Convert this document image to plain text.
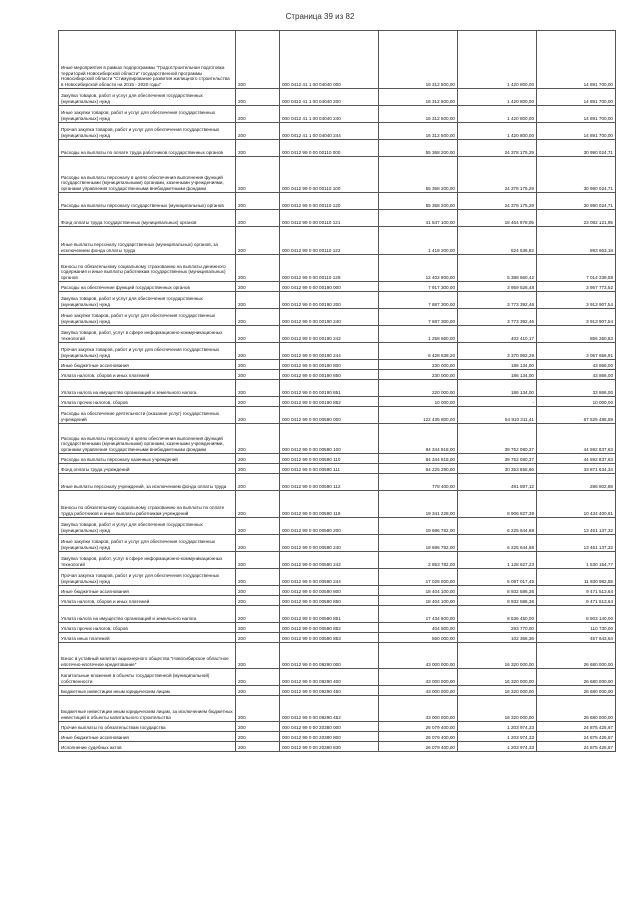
Страница 39 из 82
Иные мероприятия в рамках подпрограммы "Градостроительная подготовка территорий Новосибирской области" государственной программы Новосибирской области "Стимулирование развития жилищного строительства в Новосибирской области на 2015 - 2020 годы"	200	000 0412 41 1 00 04040 000	16 312 500,00	1 420 800,00	14 891 700,00
Закупка товаров, работ и услуг для обеспечения государственных (муниципальных) нужд	200	000 0412 41 1 00 04040 200	16 312 500,00	1 420 800,00	14 891 700,00
Иные закупки товаров, работ и услуг для обеспечения государственных (муниципальных) нужд	200	000 0412 41 1 00 04040 240	16 312 500,00	1 420 800,00	14 891 700,00
Прочая закупка товаров, работ и услуг для обеспечения государственных (муниципальных) нужд	200	000 0412 41 1 00 04040 244	16 312 500,00	1 420 800,00	14 891 700,00
Расходы на выплаты по оплате труда работников государственных органов	200	000 0412 99 0 00 00110 000	55 368 200,00	24 378 175,29	30 990 024,71
Расходы на выплаты персоналу в целях обеспечения выполнения функций государственными (муниципальными) органами, казенными учреждениями, органами управления государственными внебюджетными фондами	200	000 0412 99 0 00 00110 100	55 368 200,00	24 378 175,29	30 990 024,71
Расходы на выплаты персоналу государственных (муниципальных) органов	200	000 0412 99 0 00 00110 120	55 368 200,00	24 378 175,29	30 990 024,71
Фонд оплаты труда государственных (муниципальных) органов	200	000 0412 99 0 00 00110 121	41 547 100,00	18 464 978,05	23 082 121,95
Иные выплаты персоналу государственных (муниципальных) органов, за исключением фонда оплаты труда	200	000 0412 99 0 00 00110 122	1 418 200,00	524 536,82	893 663,18
Взносы по обязательному социальному страхованию на выплаты денежного содержания и иные выплаты работникам государственных (муниципальных) органов	200	000 0412 99 0 00 00110 129	12 402 900,00	5 388 660,42	7 014 239,58
Расходы на обеспечение функций государственных органов	200	000 0412 99 0 00 00190 000	7 917 300,00	3 959 526,48	3 957 773,52
Закупка товаров, работ и услуг для обеспечения государственных (муниципальных) нужд	200	000 0412 99 0 00 00190 200	7 687 300,00	3 773 392,46	3 913 907,54
Иные закупки товаров, работ и услуг для обеспечения государственных (муниципальных) нужд	200	000 0412 99 0 00 00190 240	7 687 300,00	3 773 392,46	3 913 907,54
Закупка товаров, работ, услуг в сфере информационно-коммуникационных технологий	200	000 0412 99 0 00 00190 242	1 258 660,00	402 410,17	856 250,83
Прочая закупка товаров, работ и услуг для обеспечения государственных (муниципальных) нужд	200	000 0412 99 0 00 00190 244	6 428 639,20	3 370 982,29	3 057 656,91
Иные бюджетные ассигнования	200	000 0412 99 0 00 00190 800	230 000,00	186 134,00	43 866,00
Уплата налогов, сборов и иных платежей	200	000 0412 99 0 00 00190 850	230 000,00	186 134,00	43 866,00
Уплата налога на имущество организаций и земельного налога	200	000 0412 99 0 00 00190 851	220 000,00	186 134,00	33 866,00
Уплата прочих налогов, сборов	200	000 0412 99 0 00 00190 852	10 000,00	-	10 000,00
Расходы на обеспечение деятельности (оказание услуг) государственных учреждений	200	000 0412 99 0 00 00590 000	122 435 800,00	54 910 311,41	67 525 488,59
Расходы на выплаты персоналу в целях обеспечения выполнения функций государственными (муниципальными) органами, казенными учреждениями, органами управления государственными внебюджетными фондами	200	000 0412 99 0 00 00590 100	84 344 918,00	39 752 080,37	44 592 837,63
Расходы на выплаты персоналу казенных учреждений	200	000 0412 99 0 00 00590 110	84 344 918,00	39 752 080,37	44 592 837,63
Фонд оплаты труда учреждений	200	000 0412 99 0 00 00590 111	64 225 290,00	30 353 655,66	33 871 634,34
Иные выплаты персоналу учреждений, за исключением фонда оплаты труда	200	000 0412 99 0 00 00590 112	778 400,00	491 597,12	286 802,88
Взносы по обязательному социальному страхованию на выплаты по оплате труда работников и иные выплаты работникам учреждений	200	000 0412 99 0 00 00590 119	19 341 228,00	8 906 827,39	10 434 400,61
Закупка товаров, работ и услуг для обеспечения государственных (муниципальных) нужд	200	000 0412 99 0 00 00590 200	19 686 782,00	6 225 644,68	13 461 137,32
Иные закупки товаров, работ и услуг для обеспечения государственных (муниципальных) нужд	200	000 0412 99 0 00 00590 240	19 686 782,00	6 225 644,68	13 461 137,32
Закупка товаров, работ, услуг в сфере информационно-коммуникационных технологий	200	000 0412 99 0 00 00590 242	2 853 782,00	1 128 627,23	1 530 154,77
Прочая закупка товаров, работ и услуг для обеспечения государственных (муниципальных) нужд	200	000 0412 99 0 00 00590 244	17 028 000,00	5 097 017,45	11 930 982,55
Иные бюджетные ассигнования	200	000 0412 99 0 00 00590 800	18 404 100,00	8 932 586,36	9 471 513,64
Уплата налогов, сборов и иных платежей	200	000 0412 99 0 00 00590 850	18 404 100,00	8 932 586,36	9 471 513,64
Уплата налога на имущество организаций и земельного налога	200	000 0412 99 0 00 00590 851	17 434 600,00	8 536 450,00	8 903 140,00
Уплата прочих налогов, сборов	200	000 0412 99 0 00 00590 852	404 500,00	293 770,00	110 730,00
Уплата иных платежей	200	000 0412 99 0 00 00590 853	560 000,00	102 366,36	457 643,64
Взнос в уставный капитал акционерного общества "Новосибирское областное ипотечно-ипотечное кредитование"	200	000 0412 99 0 00 08290 000	43 000 000,00	16 320 000,00	26 680 000,00
Капитальные вложения в объекты государственной (муниципальной) собственности	200	000 0412 99 0 00 08290 400	43 000 000,00	16 320 000,00	26 680 000,00
Бюджетные инвестиции иным юридическим лицам	200	000 0412 99 0 00 08290 450	43 000 000,00	16 320 000,00	26 680 000,00
Бюджетные инвестиции иным юридическим лицам, за исключением бюджетных инвестиций в объекты капитального строительства	200	000 0412 99 0 00 08290 452	43 000 000,00	16 320 000,00	26 680 000,00
Прочие выплаты по обязательствам государства	200	000 0412 99 0 00 20380 000	26 079 400,00	1 203 974,33	24 875 425,67
Иные бюджетные ассигнования	200	000 0412 99 0 00 20380 800	26 079 400,00	1 203 974,33	24 875 425,67
Исполнение судебных актов	200	000 0412 99 0 00 20380 830	26 079 400,00	1 203 974,33	24 875 425,67
